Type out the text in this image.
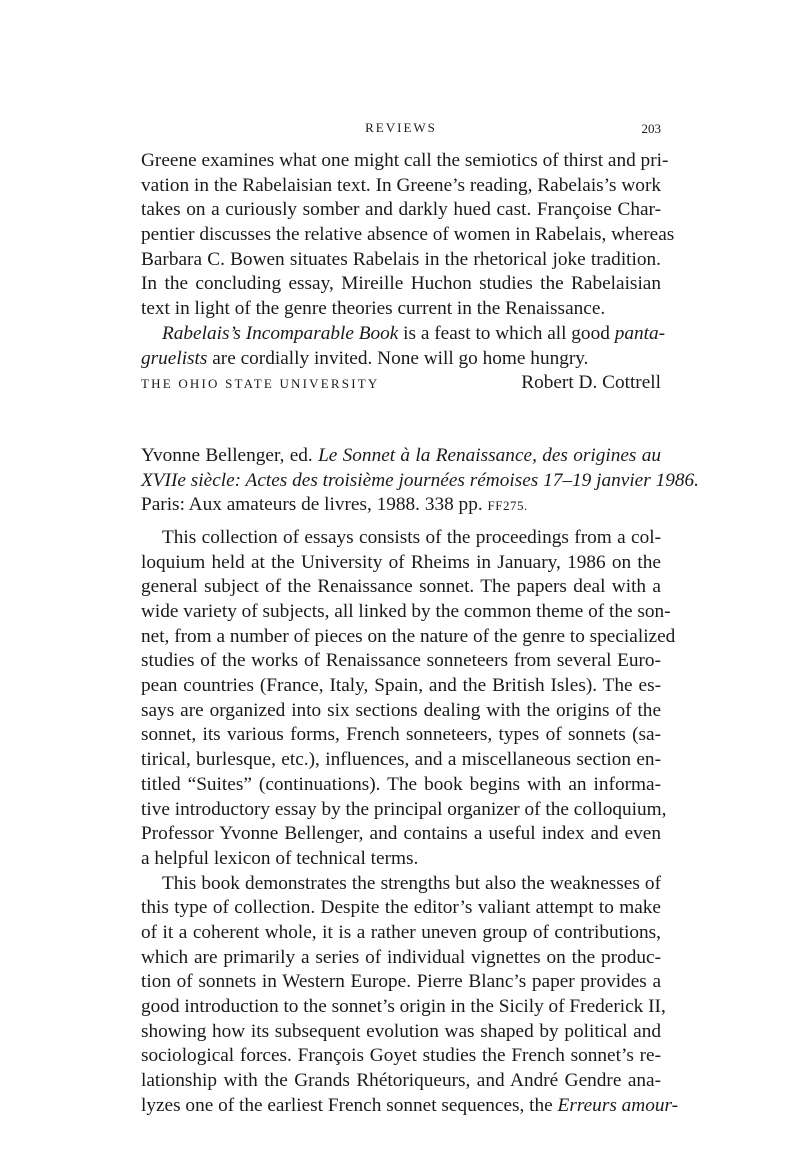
REVIEWS	203
Greene examines what one might call the semiotics of thirst and pri-
vation in the Rabelaisian text. In Greene’s reading, Rabelais’s work
takes on a curiously somber and darkly hued cast. Françoise Char-
pentier discusses the relative absence of women in Rabelais, whereas
Barbara C. Bowen situates Rabelais in the rhetorical joke tradition.
In the concluding essay, Mireille Huchon studies the Rabelaisian
text in light of the genre theories current in the Renaissance.
Rabelais’s Incomparable Book is a feast to which all good panta-
gruelists are cordially invited. None will go home hungry.
THE OHIO STATE UNIVERSITY	Robert D. Cottrell
Yvonne Bellenger, ed. Le Sonnet à la Renaissance, des origines au
XVIIe siècle: Actes des troisième journées rémoises 17–19 janvier 1986.
Paris: Aux amateurs de livres, 1988. 338 pp. FF275.
This collection of essays consists of the proceedings from a col-
loquium held at the University of Rheims in January, 1986 on the
general subject of the Renaissance sonnet. The papers deal with a
wide variety of subjects, all linked by the common theme of the son-
net, from a number of pieces on the nature of the genre to specialized
studies of the works of Renaissance sonneteers from several Euro-
pean countries (France, Italy, Spain, and the British Isles). The es-
says are organized into six sections dealing with the origins of the
sonnet, its various forms, French sonneteers, types of sonnets (sa-
tirical, burlesque, etc.), influences, and a miscellaneous section en-
titled “Suites” (continuations). The book begins with an informa-
tive introductory essay by the principal organizer of the colloquium,
Professor Yvonne Bellenger, and contains a useful index and even
a helpful lexicon of technical terms.
This book demonstrates the strengths but also the weaknesses of
this type of collection. Despite the editor’s valiant attempt to make
of it a coherent whole, it is a rather uneven group of contributions,
which are primarily a series of individual vignettes on the produc-
tion of sonnets in Western Europe. Pierre Blanc’s paper provides a
good introduction to the sonnet’s origin in the Sicily of Frederick II,
showing how its subsequent evolution was shaped by political and
sociological forces. François Goyet studies the French sonnet’s re-
lationship with the Grands Rhétoriqueurs, and André Gendre ana-
lyzes one of the earliest French sonnet sequences, the Erreurs amour-
